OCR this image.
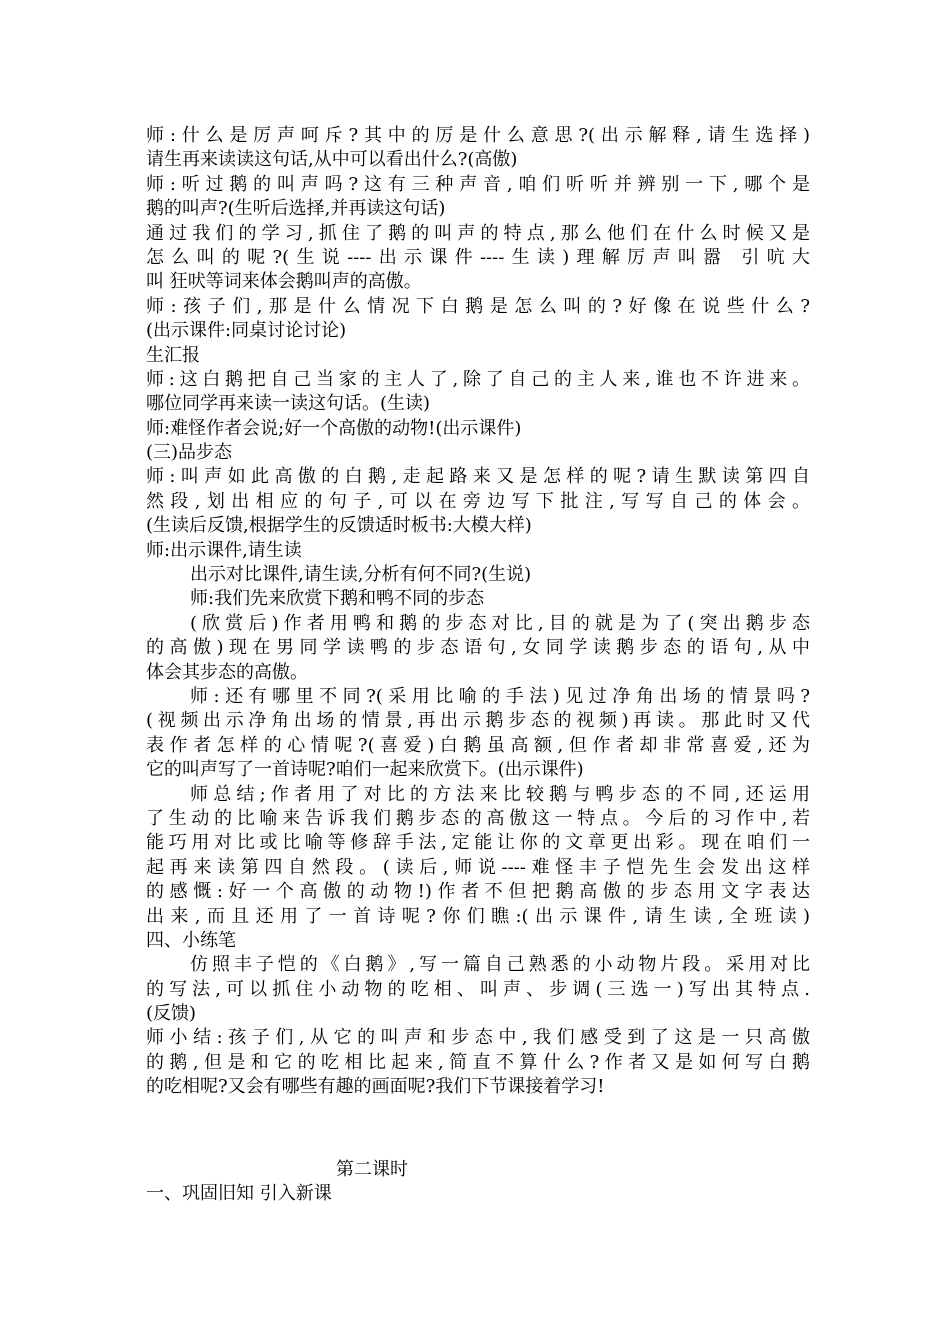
师:什么是厉声呵斥?其中的厉是什么意思?(出示解释,请生选择)
请生再来读读这句话,从中可以看出什么?(高傲)
师:听过鹅的叫声吗?这有三种声音,咱们听听并辨别一下,哪个是
鹅的叫声?(生听后选择,并再读这句话)
通过我们的学习,抓住了鹅的叫声的特点,那么他们在什么时候又是
怎么叫的呢?(生说----出示课件----生读)理解厉声叫嚣 引吭大
叫 狂吠等词来体会鹅叫声的高傲。
师:孩子们,那是什么情况下白鹅是怎么叫的?好像在说些什么?
(出示课件:同桌讨论讨论)
生汇报
师:这白鹅把自己当家的主人了,除了自己的主人来,谁也不许进来。
哪位同学再来读一读这句话。(生读)
师:难怪作者会说;好一个高傲的动物!(出示课件)
(三)品步态
师:叫声如此高傲的白鹅,走起路来又是怎样的呢?请生默读第四自
然段,划出相应的句子,可以在旁边写下批注,写写自己的体会。
(生读后反馈,根据学生的反馈适时板书:大模大样)
师:出示课件,请生读
出示对比课件,请生读,分析有何不同?(生说)
师:我们先来欣赏下鹅和鸭不同的步态
(欣赏后)作者用鸭和鹅的步态对比,目的就是为了(突出鹅步态
的高傲)现在男同学读鸭的步态语句,女同学读鹅步态的语句,从中
体会其步态的高傲。
师:还有哪里不同?(采用比喻的手法)见过净角出场的情景吗?
(视频出示净角出场的情景,再出示鹅步态的视频)再读。那此时又代
表作者怎样的心情呢?(喜爱)白鹅虽高额,但作者却非常喜爱,还为
它的叫声写了一首诗呢?咱们一起来欣赏下。(出示课件)
师总结;作者用了对比的方法来比较鹅与鸭步态的不同,还运用
了生动的比喻来告诉我们鹅步态的高傲这一特点。今后的习作中,若
能巧用对比或比喻等修辞手法,定能让你的文章更出彩。现在咱们一
起再来读第四自然段。(读后,师说----难怪丰子恺先生会发出这样
的感慨:好一个高傲的动物!)作者不但把鹅高傲的步态用文字表达
出来,而且还用了一首诗呢?你们瞧:(出示课件,请生读,全班读)
四、小练笔
仿照丰子恺的《白鹅》,写一篇自己熟悉的小动物片段。采用对比
的写法,可以抓住小动物的吃相、叫声、步调(三选一)写出其特点.
(反馈)
师小结:孩子们,从它的叫声和步态中,我们感受到了这是一只高傲
的鹅,但是和它的吃相比起来,简直不算什么?作者又是如何写白鹅
的吃相呢?又会有哪些有趣的画面呢?我们下节课接着学习!
第二课时
一、巩固旧知 引入新课
